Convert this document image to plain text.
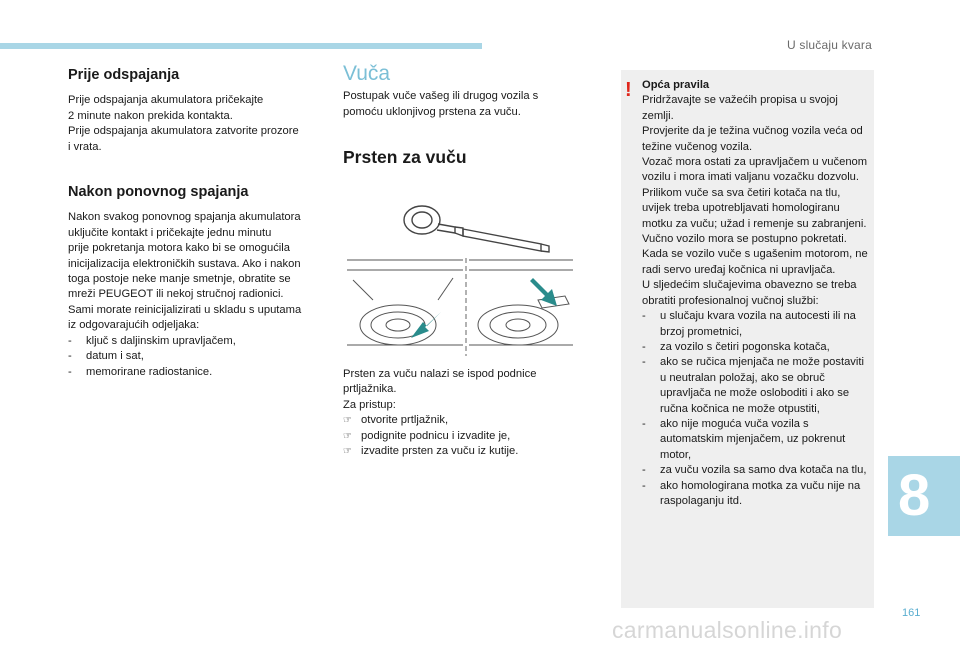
U slučaju kvara
Prije odspajanja

Prije odspajanja akumulatora pričekajte

2 minute nakon prekida kontakta.

Prije odspajanja akumulatora zatvorite prozore

i vrata.

Nakon ponovnog spajanja

Nakon svakog ponovnog spajanja akumulatora

uključite kontakt i pričekajte jednu minutu

prije pokretanja motora kako bi se omogućila

inicijalizacija elektroničkih sustava. Ako i nakon

toga postoje neke manje smetnje, obratite se

mreži PEUGEOT ili nekoj stručnoj radionici.

Sami morate reinicijalizirati u skladu s uputama

iz odgovarajućih odjeljaka:

- ključ s daljinskim upravljačem,
- datum i sat,
- memorirane radiostanice.
Vuča

Postupak vuče vašeg ili drugog vozila s

pomoću uklonjivog prstena za vuču.

Prsten za vuču

Prsten za vuču nalazi se ispod podnice

prtljažnika.

Za pristup:

☞ otvorite prtljažnik,
☞ podignite podnicu i izvadite je,
☞ izvadite prsten za vuču iz kutije.
! Opća pravila

Pridržavajte se važećih propisa u svojoj zemlji.

Provjerite da je težina vučnog vozila veća od težine vučenog vozila.

Vozač mora ostati za upravljačem u vučenom vozilu i mora imati valjanu vozačku dozvolu.

Prilikom vuče sa sva četiri kotača na tlu, uvijek treba upotrebljavati homologiranu motku za vuču; užad i remenje su zabranjeni.

Vučno vozilo mora se postupno pokretati.

Kada se vozilo vuče s ugašenim motorom, ne radi servo uređaj kočnica ni upravljača.

U sljedećim slučajevima obavezno se treba obratiti profesionalnoj vučnoj službi:

- u slučaju kvara vozila na autocesti ili na brzoj prometnici,
- za vozilo s četiri pogonska kotača,
- ako se ručica mjenjača ne može postaviti u neutralan položaj, ako se obruč upravljača ne može osloboditi i ako se ručna kočnica ne može otpustiti,
- ako nije moguća vuča vozila s automatskim mjenjačem, uz pokrenut motor,
- za vuču vozila sa samo dva kotača na tlu,
- ako homologirana motka za vuču nije na raspolaganju itd.	8
161
carmanualsonline.info
